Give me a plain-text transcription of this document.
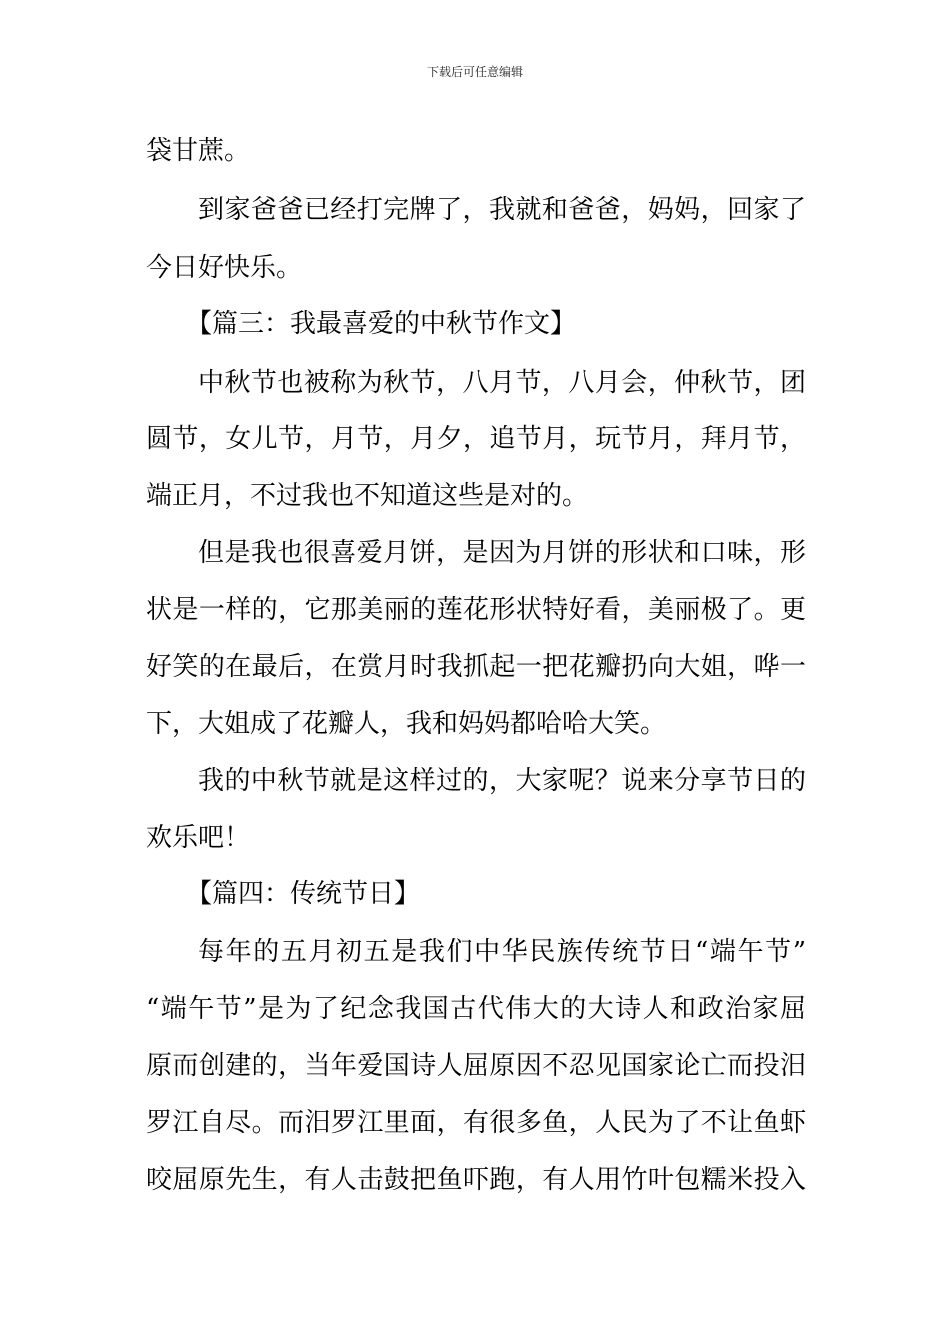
下载后可任意编辑
袋甘蔗。
到家爸爸已经打完牌了，我就和爸爸，妈妈，回家了
今日好快乐。
【篇三：我最喜爱的中秋节作文】
中秋节也被称为秋节，八月节，八月会，仲秋节，团
圆节，女儿节，月节，月夕，追节月，玩节月，拜月节，
端正月，不过我也不知道这些是对的。
但是我也很喜爱月饼，是因为月饼的形状和口味，形
状是一样的，它那美丽的莲花形状特好看，美丽极了。更
好笑的在最后，在赏月时我抓起一把花瓣扔向大姐，哗一
下，大姐成了花瓣人，我和妈妈都哈哈大笑。
我的中秋节就是这样过的，大家呢？说来分享节日的
欢乐吧！
【篇四：传统节日】
每年的五月初五是我们中华民族传统节日“端午节”
“端午节”是为了纪念我国古代伟大的大诗人和政治家屈
原而创建的，当年爱国诗人屈原因不忍见国家论亡而投汨
罗江自尽。而汨罗江里面，有很多鱼，人民为了不让鱼虾
咬屈原先生，有人击鼓把鱼吓跑，有人用竹叶包糯米投入
